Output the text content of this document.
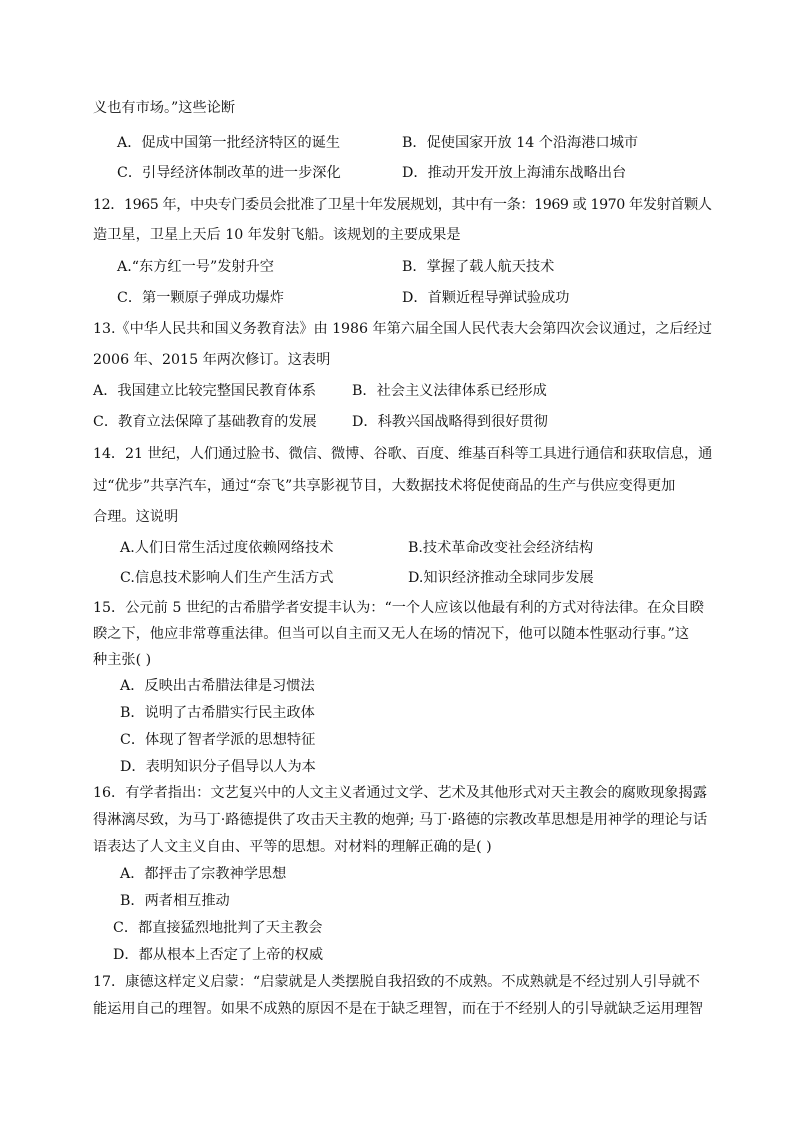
义也有市场。”这些论断
A．促成中国第一批经济特区的诞生	B．促使国家开放 14 个沿海港口城市
C．引导经济体制改革的进一步深化	D．推动开发开放上海浦东战略出台
12．1965 年，中央专门委员会批准了卫星十年发展规划，其中有一条：1969 或 1970 年发射首颗人
造卫星，卫星上天后 10 年发射飞船。该规划的主要成果是
A.“东方红一号”发射升空	B．掌握了载人航天技术
C．第一颗原子弹成功爆炸	D．首颗近程导弹试验成功
13.《中华人民共和国义务教育法》由 1986 年第六届全国人民代表大会第四次会议通过，之后经过
2006 年、2015 年两次修订。这表明
A．我国建立比较完整国民教育体系	B．社会主义法律体系已经形成
C．教育立法保障了基础教育的发展 D．科教兴国战略得到很好贯彻
14．21 世纪，人们通过脸书、微信、微博、谷歌、百度、维基百科等工具进行通信和获取信息，通
过“优步”共享汽车，通过“奈飞”共享影视节目，大数据技术将促使商品的生产与供应变得更加
合理。这说明
A.人们日常生活过度依赖网络技术	B.技术革命改变社会经济结构
C.信息技术影响人们生产生活方式	D.知识经济推动全球同步发展
15．公元前 5 世纪的古希腊学者安提丰认为：“一个人应该以他最有利的方式对待法律。在众目睽
睽之下，他应非常尊重法律。但当可以自主而又无人在场的情况下，他可以随本性驱动行事。”这
种主张( )
A．反映出古希腊法律是习惯法
B．说明了古希腊实行民主政体
C．体现了智者学派的思想特征
D．表明知识分子倡导以人为本
16．有学者指出：文艺复兴中的人文主义者通过文学、艺术及其他形式对天主教会的腐败现象揭露
得淋漓尽致，为马丁·路德提供了攻击天主教的炮弹; 马丁·路德的宗教改革思想是用神学的理论与话
语表达了人文主义自由、平等的思想。对材料的理解正确的是( )
A．都抨击了宗教神学思想
B．两者相互推动
C．都直接猛烈地批判了天主教会
D．都从根本上否定了上帝的权威
17．康德这样定义启蒙：“启蒙就是人类摆脱自我招致的不成熟。不成熟就是不经过别人引导就不
能运用自己的理智。如果不成熟的原因不是在于缺乏理智，而在于不经别人的引导就缺乏运用理智
